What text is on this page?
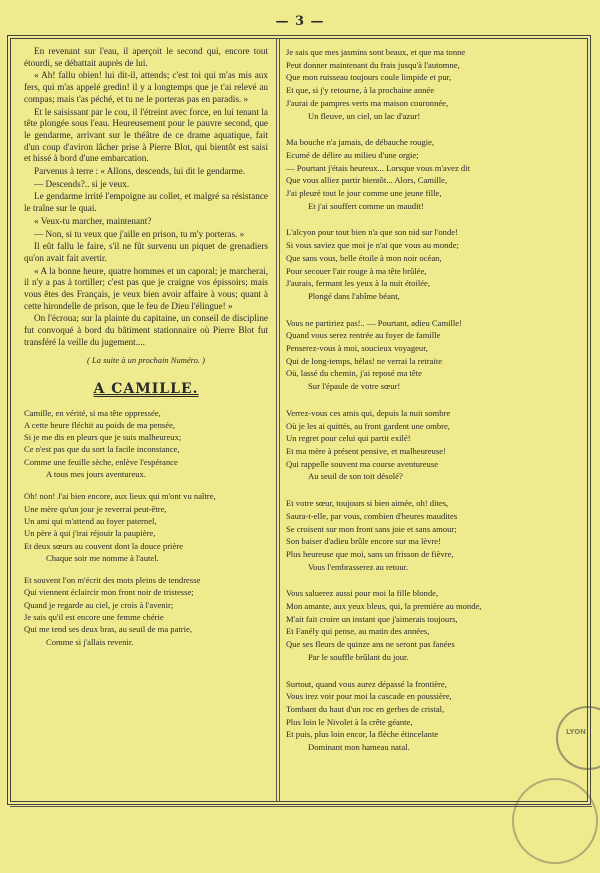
— 3 —

En revenant sur l'eau, il aperçoit le second qui, encore tout étourdi, se débattait auprès de lui.

« Ah! fallu obien! lui dit-il, attends; c'est toi qui m'as mis aux fers, qui m'as appelé gredin! il y a longtemps que je t'ai relevé au compas; mais t'as péché, et tu ne le porteras pas en paradis. »

Et le saisissant par le cou, il l'étreint avec force, en lui tenant la tête plongée sous l'eau. Heureusement pour le pauvre second, que le gendarme, arrivant sur le théâtre de ce drame aquatique, fait d'un coup d'aviron lâcher prise à Pierre Blot, qui bientôt est saisi et hissé à bord d'une embarcation.

Parvenus à terre : « Allons, descends, lui dit le gendarme.

— Descends?.. si je veux.

Le gendarme irrité l'empoigne au collet, et malgré sa résistance le traîne sur le quai.

« Veux-tu marcher, maintenant?

— Non, si tu veux que j'aille en prison, tu m'y porteras. »

Il eût fallu le faire, s'il ne fût survenu un piquet de grenadiers qu'on avait fait avertir.

« A la bonne heure, quatre hommes et un caporal; je marcherai, il n'y a pas à tortiller; c'est pas que je craigne vos épissoirs; mais vous êtes des Français, je veux bien avoir affaire à vous; quant à cette hirondelle de prison, que le feu de Dieu l'élingue! »

On l'écroua; sur la plainte du capitaine, un conseil de discipline fut convoqué à bord du bâtiment stationnaire où Pierre Blot fut transféré la veille du jugement....

( La suite à un prochain Numéro. )
A CAMILLE.
Camille, en vérité, si ma tête oppressée,
A cette heure fléchit au poids de ma pensée,
Si je me dis en pleurs que je suis malheureux;
Ce n'est pas que du sort la facile inconstance,
Comme une feuille sèche, enlève l'espérance
A tous mes jours aventureux.
Oh! non! J'ai bien encore, aux lieux qui m'ont vu naître,
Une mère qu'un jour je reverrai peut-être,
Un ami qui m'attend au foyer paternel,
Un père à qui j'irai réjouir la paupière,
Et deux sœurs au couvent dont la douce prière
Chaque soir me nomme à l'autel.
Et souvent l'on m'écrit des mots pleins de tendresse
Qui viennent éclaircir mon front noir de tristesse;
Quand je regarde au ciel, je crois à l'avenir;
Je sais qu'il est encore une femme chérie
Qui me tend ses deux bras, au seuil de ma patrie,
Comme si j'allais revenir.
Je sais que mes jasmins sont beaux, et que ma tonne
Peut donner maintenant du frais jusqu'à l'automne,
Que mon ruisseau toujours coule limpide et pur,
Et que, si j'y retourne, à la prochaine année
J'aurai de pampres verts ma maison couronnée,
Un fleuve, un ciel, un lac d'azur!
Ma bouche n'a jamais, de débauche rougie,
Ecumé de délire au milieu d'une orgie;
— Pourtant j'étais heureux... Lorsque vous m'avez dit
Que vous alliez partir bientôt... Alors, Camille,
J'ai pleuré tout le jour comme une jeune fille,
Et j'ai souffert comme un maudit!
L'alcyon pour tout bien n'a que son nid sur l'onde!
Si vous saviez que moi je n'ai que vous au monde;
Que sans vous, belle étoile à mon noir océan,
Pour secouer l'air rouge à ma tête brûlée,
J'aurais, fermant les yeux à la nuit étoilée,
Plongé dans l'abîme béant,
Vous ne partiriez pas!.. — Pourtant, adieu Camille!
Quand vous serez rentrée au foyer de famille
Penserez-vous à moi, soucieux voyageur,
Qui de long-temps, hélas! ne verrai la retraite
Où, lassé du chemin, j'ai reposé ma tête
Sur l'épaule de votre sœur!
Verrez-vous ces amis qui, depuis la nuit sombre
Où je les ai quittés, au front gardent une ombre,
Un regret pour celui qui partit exilé!
Et ma mère à présent pensive, et malheureuse!
Qui rappelle souvent ma course aventureuse
Au seuil de son toit désolé?
Et votre sœur, toujours si bien aimée, oh! dites,
Saura-t-elle, par vous, combien d'heures maudites
Se croisent sur mon front sans joie et sans amour;
Son baiser d'adieu brûle encore sur ma lèvre!
Plus heureuse que moi, sans un frisson de fièvre,
Vous l'embrasserez au retour.
Vous saluerez aussi pour moi la fille blonde,
Mon amante, aux yeux bleus, qui, la première au monde,
M'ait fait croire un instant que j'aimerais toujours,
Et Fanély qui pense, au matin des années,
Que ses fleurs de quinze ans ne seront pas fanées
Par le souffle brûlant du jour.
Surtout, quand vous aurez dépassé la frontière,
Vous irez voir pour moi la cascade en poussière,
Tombant du haut d'un roc en gerbes de cristal,
Plus loin le Nivolet à la crête géante,
Et puis, plus loin encor, la flèche étincelante
Dominant mon hameau natal.
LYON
